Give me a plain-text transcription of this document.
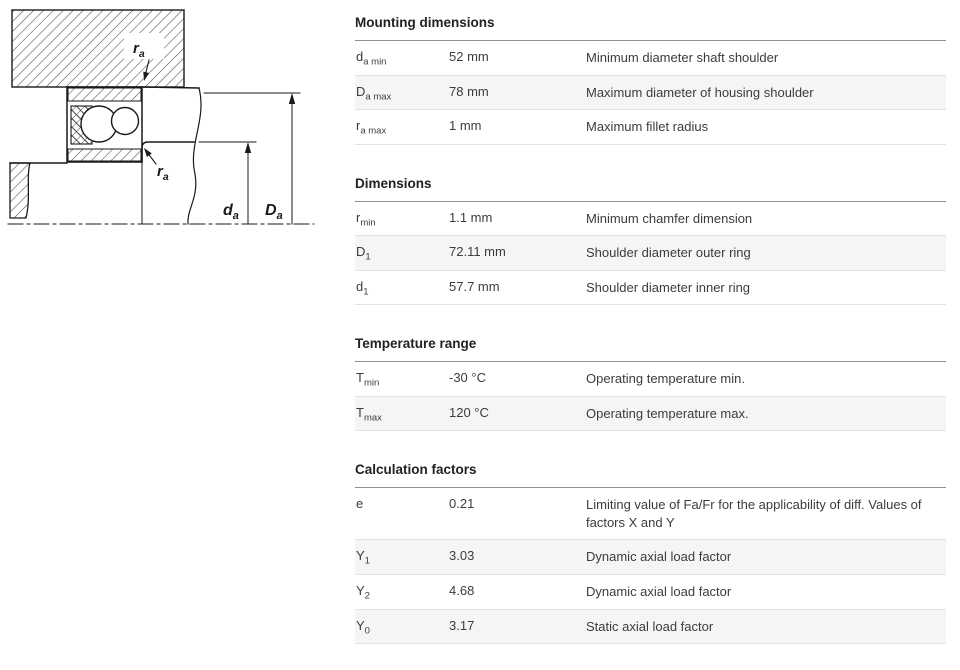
$r_a$
$r_a$
$d_a$ $D_a$
Mounting dimensions
$d_{a min}$	52 mm	Minimum diameter shaft shoulder
$D_{a max}$	78 mm	Maximum diameter of housing shoulder
$r_{a max}$	1 mm	Maximum fillet radius
Dimensions
$r_{min}$	1.1 mm	Minimum chamfer dimension
$D_1$	72.11 mm	Shoulder diameter outer ring
$d_1$	57.7 mm	Shoulder diameter inner ring
Temperature range
$T_{min}$	-30 °C	Operating temperature min.
$T_{max}$	120 °C	Operating temperature max.
Calculation factors
e	0.21	Limiting value of Fa/Fr for the applicability of diff. Values of factors X and Y
$Y_1$	3.03	Dynamic axial load factor
$Y_2$	4.68	Dynamic axial load factor
$Y_0$	3.17	Static axial load factor
